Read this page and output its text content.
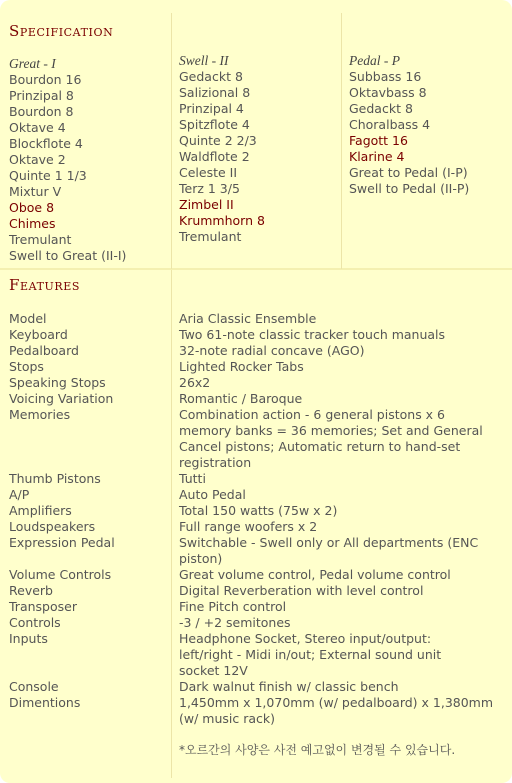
Specification
Great - I
Bourdon 16
Prinzipal 8
Bourdon 8
Oktave 4
Blockflote 4
Oktave 2
Quinte 1 1/3
Mixtur V
Oboe 8
Chimes
Tremulant
Swell to Great (II-I)
Swell - II
Gedackt 8
Salizional 8
Prinzipal 4
Spitzflote 4
Quinte 2 2/3
Waldflote 2
Celeste II
Terz 1 3/5
Zimbel II
Krummhorn 8
Tremulant
Pedal - P
Subbass 16
Oktavbass 8
Gedackt 8
Choralbass 4
Fagott 16
Klarine 4
Great to Pedal (I-P)
Swell to Pedal (II-P)
Features
Model
Keyboard
Pedalboard
Stops
Speaking Stops
Voicing Variation
Memories
Thumb Pistons
A/P
Amplifiers
Loudspeakers
Expression Pedal
Volume Controls
Reverb
Transposer
Controls
Inputs
Console
Dimentions
Aria Classic Ensemble
Two 61-note classic tracker touch manuals
32-note radial concave (AGO)
Lighted Rocker Tabs
26x2
Romantic / Baroque
Combination action - 6 general pistons x 6
memory banks = 36 memories; Set and General
Cancel pistons; Automatic return to hand-set
registration
Tutti
Auto Pedal
Total 150 watts (75w x 2)
Full range woofers x 2
Switchable - Swell only or All departments (ENC
piston)
Great volume control, Pedal volume control
Digital Reverberation with level control
Fine Pitch control
-3 / +2 semitones
Headphone Socket, Stereo input/output:
left/right - Midi in/out; External sound unit
socket 12V
Dark walnut finish w/ classic bench
1,450mm x 1,070mm (w/ pedalboard) x 1,380mm
(w/ music rack)
*오르간의 사양은 사전 예고없이 변경될 수 있습니다.
